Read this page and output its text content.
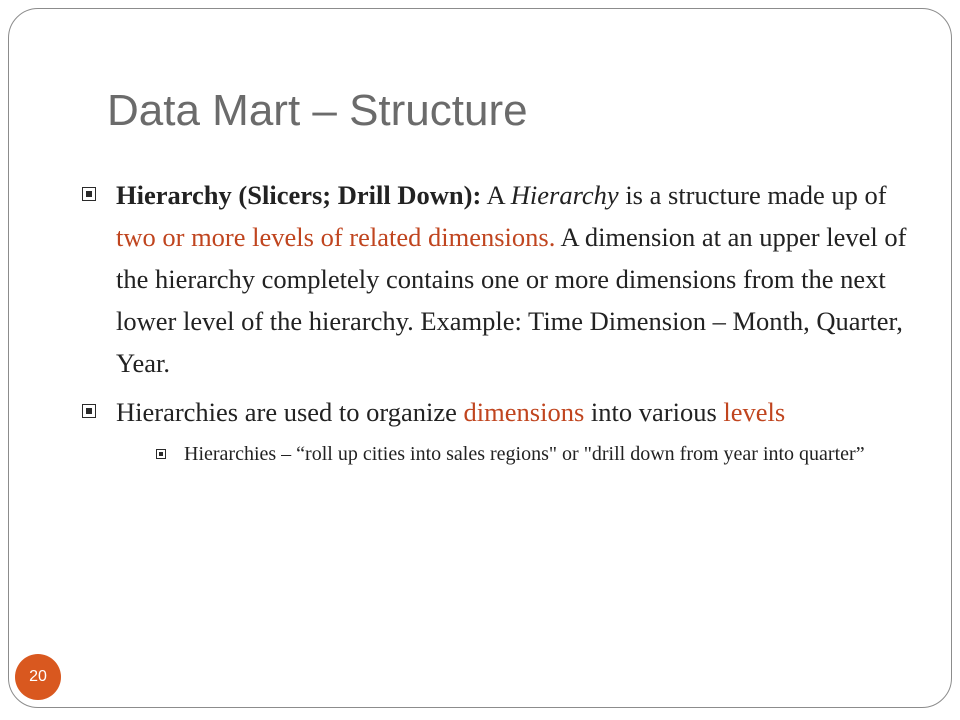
Data Mart – Structure
Hierarchy (Slicers; Drill Down): A Hierarchy is a structure made up of two or more levels of related dimensions. A dimension at an upper level of the hierarchy completely contains one or more dimensions from the next lower level of the hierarchy. Example: Time Dimension – Month, Quarter, Year.
Hierarchies are used to organize dimensions into various levels
Hierarchies – “roll up cities into sales regions" or "drill down from year into quarter”
20
